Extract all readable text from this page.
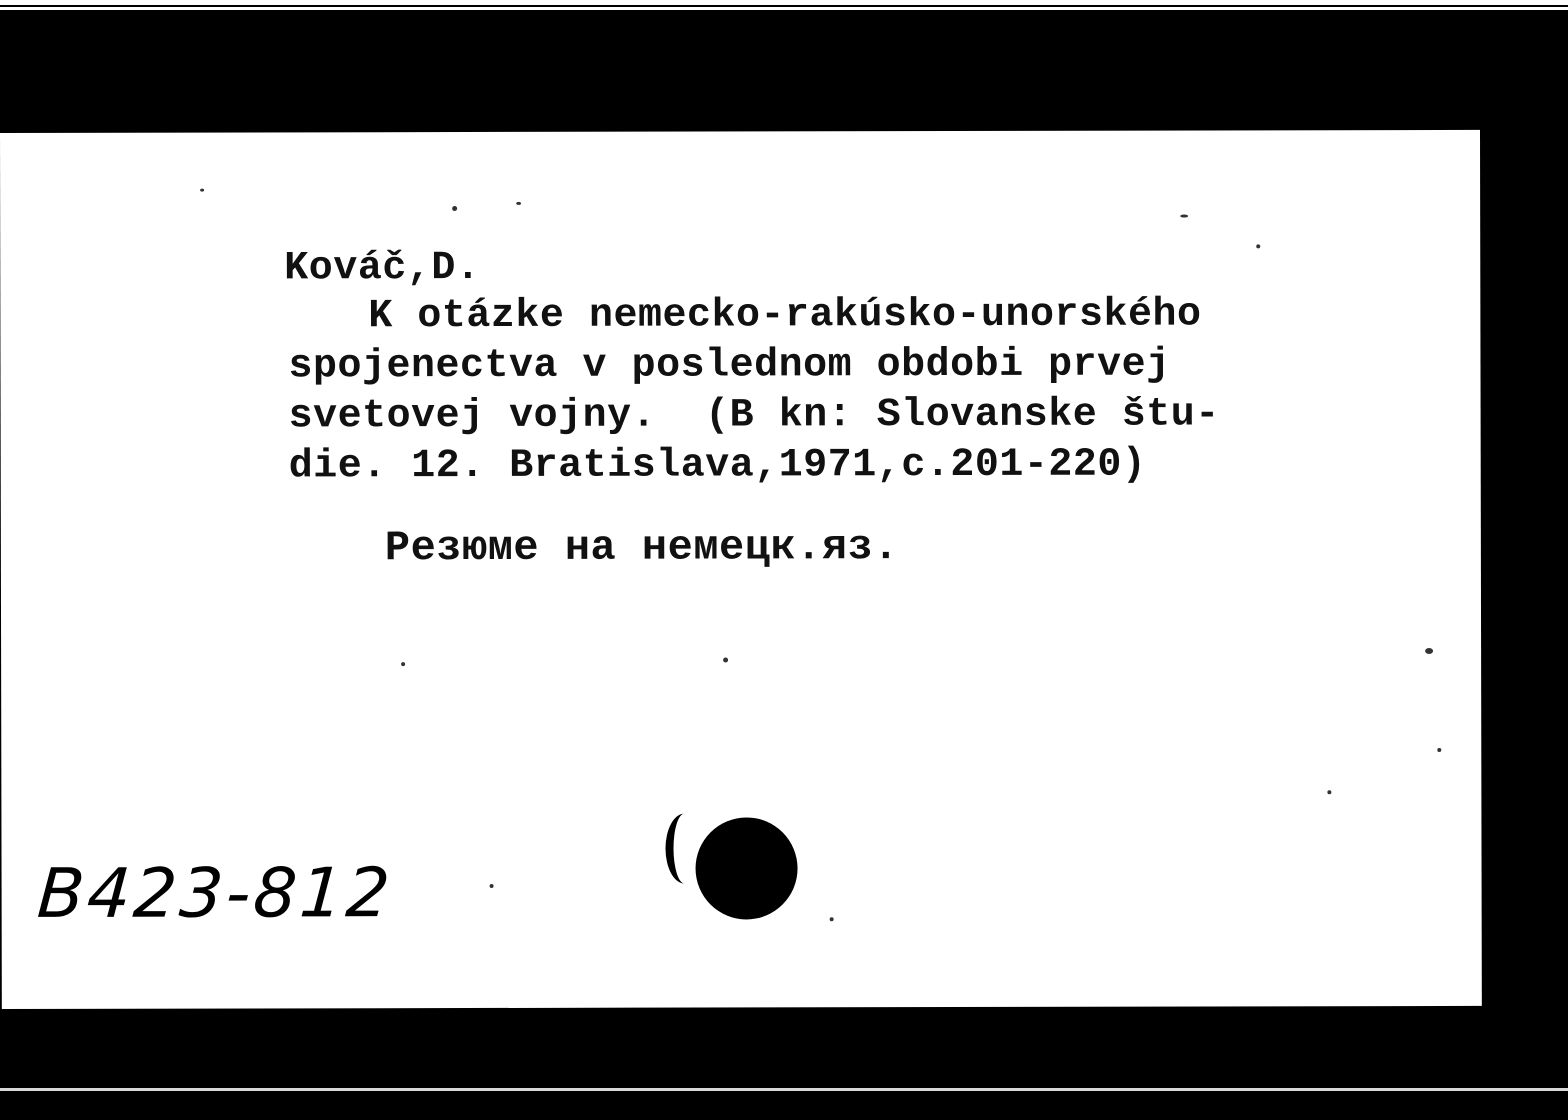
Kováč,D.
K otázke nemecko-rakúsko-unorského
spojenectva v poslednom obdobi prvej
svetovej vojny.  (B kn: Slovanske štu-
die. 12. Bratislava,1971,c.201-220)
Резюме на немецк.яз.
B423-812
